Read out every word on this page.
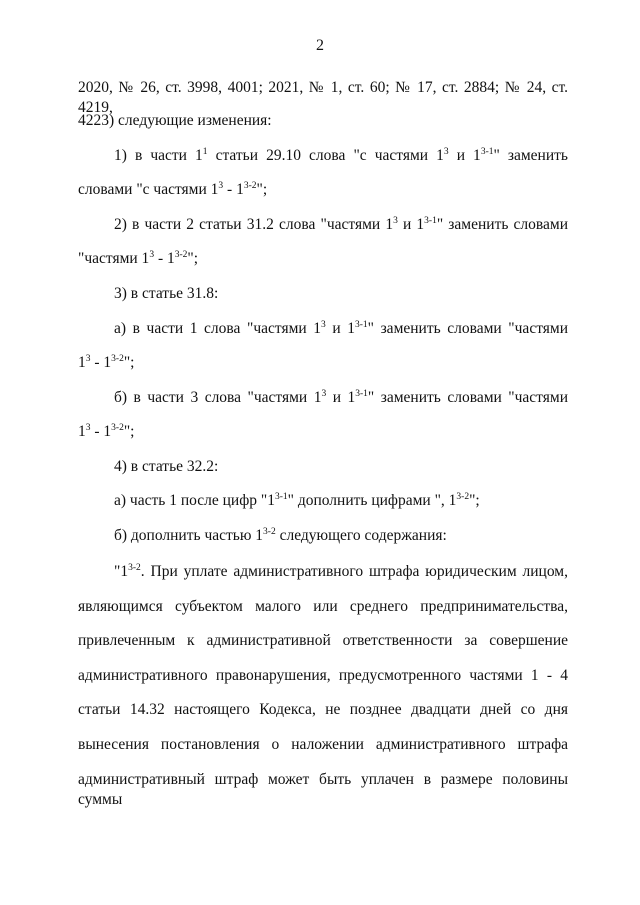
2
2020, № 26, ст. 3998, 4001; 2021, № 1, ст. 60; № 17, ст. 2884; № 24, ст. 4219,
4223) следующие изменения:
1) в части $1^1$ статьи 29.10 слова "с частями $1^3$ и 1$^{3-1}$" заменить
словами "с частями $1^3 - 1^{3-2}$";
2) в части 2 статьи 31.2 слова "частями $1^3$ и 1$^{3-1}$" заменить словами
"частями $1^3 - 1^{3-2}$";
3) в статье 31.8:
а) в части 1 слова "частями $1^3$ и 1$^{3-1}$" заменить словами "частями
$1^3 - 1^{3-2}$";
б) в части 3 слова "частями $1^3$ и 1$^{3-1}$" заменить словами "частями
$1^3 - 1^{3-2}$";
4) в статье 32.2:
а) часть 1 после цифр "1$^{3-1}$" дополнить цифрами ", 1$^{3-2}$";
б) дополнить частью 1$^{3-2}$ следующего содержания:
"1$^{3-2}$. При уплате административного штрафа юридическим лицом,
являющимся субъектом малого или среднего предпринимательства,
привлеченным к административной ответственности за совершение
административного правонарушения, предусмотренного частями 1 - 4
статьи 14.32 настоящего Кодекса, не позднее двадцати дней со дня
вынесения постановления о наложении административного штрафа
административный штраф может быть уплачен в размере половины суммы
